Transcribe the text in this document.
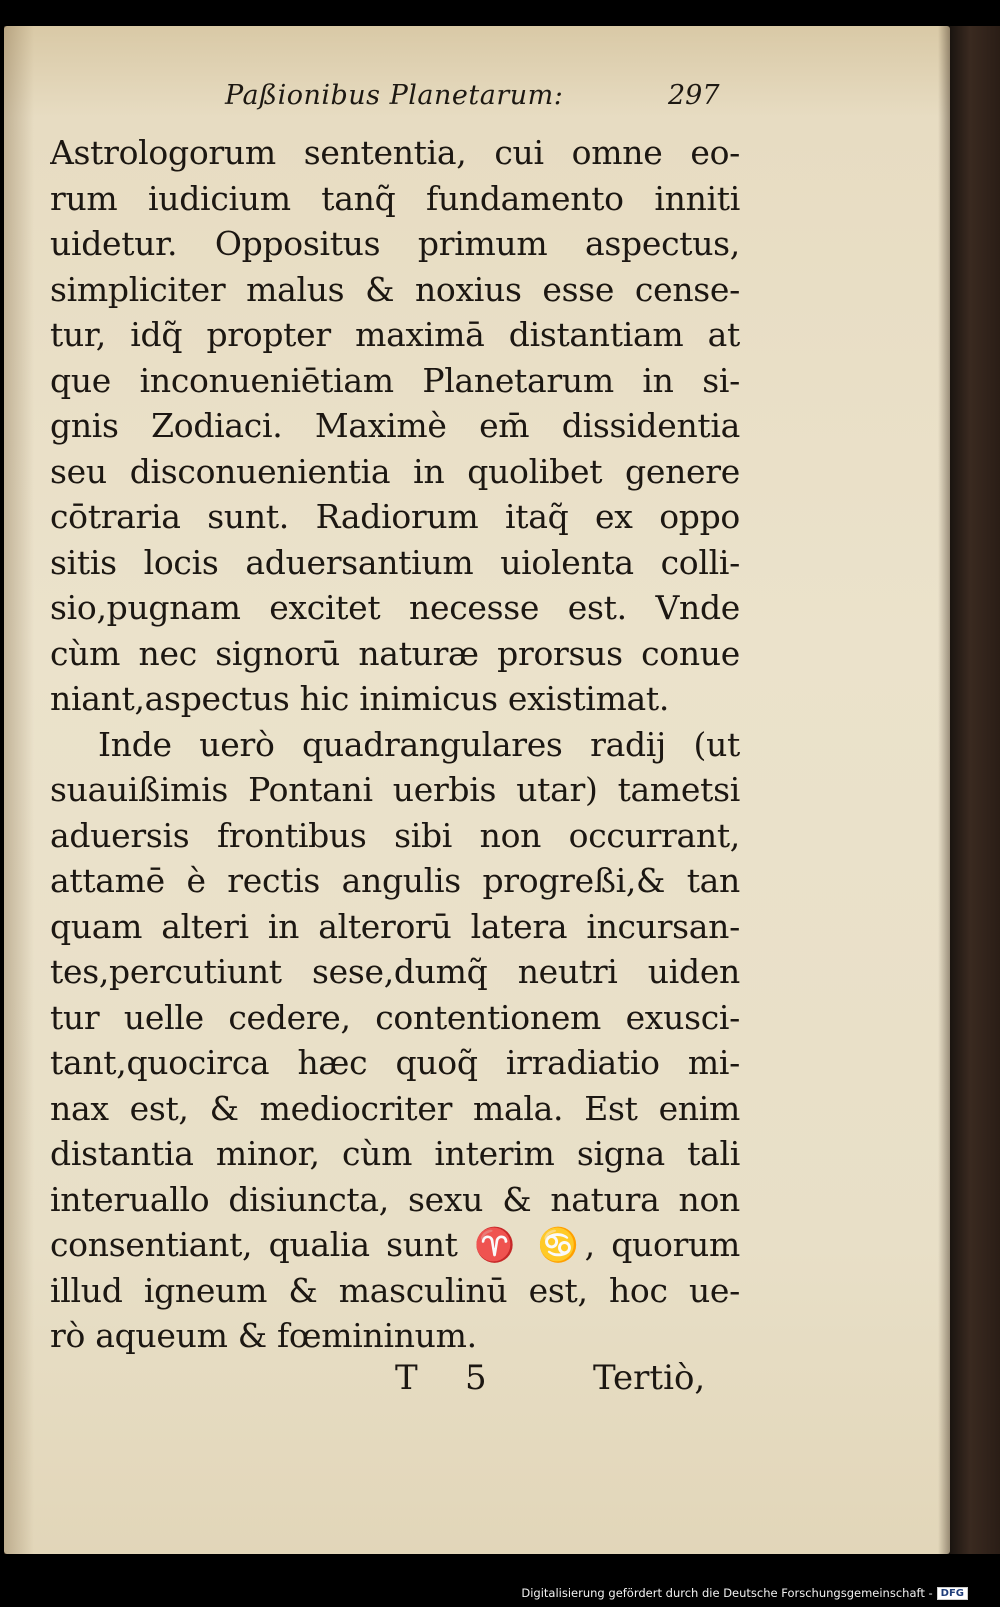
Paßionibus Planetarum:	297
Astrologorum sententia, cui omne eo-
rum iudicium tanq̃ fundamento inniti
uidetur. Oppositus primum aspectus,
simpliciter malus & noxius esse cense-
tur, idq̃ propter maximā distantiam at
que inconueniētiam Planetarum in si-
gnis Zodiaci. Maximè em̄ dissidentia
seu disconuenientia in quolibet genere
cōtraria sunt. Radiorum itaq̃ ex oppo
sitis locis aduersantium uiolenta colli-
sio,pugnam excitet necesse est. Vnde
cùm nec signorū naturæ prorsus conue
niant,aspectus hic inimicus existimat.
Inde uerò quadrangulares radij (ut
suauißimis Pontani uerbis utar) tametsi
aduersis frontibus sibi non occurrant,
attamē è rectis angulis progreßi,& tan
quam alteri in alterorū latera incursan-
tes,percutiunt sese,dumq̃ neutri uiden
tur uelle cedere, contentionem exusci-
tant,quocirca hæc quoq̃ irradiatio mi-
nax est, & mediocriter mala. Est enim
distantia minor, cùm interim signa tali
interuallo disiuncta, sexu & natura non
consentiant, qualia sunt ♈ ♋, quorum
illud igneum & masculinū est, hoc ue-
rò aqueum & fœmininum.
T 5	Tertiò,
Digitalisierung gefördert durch die Deutsche Forschungsgemeinschaft - DFG
